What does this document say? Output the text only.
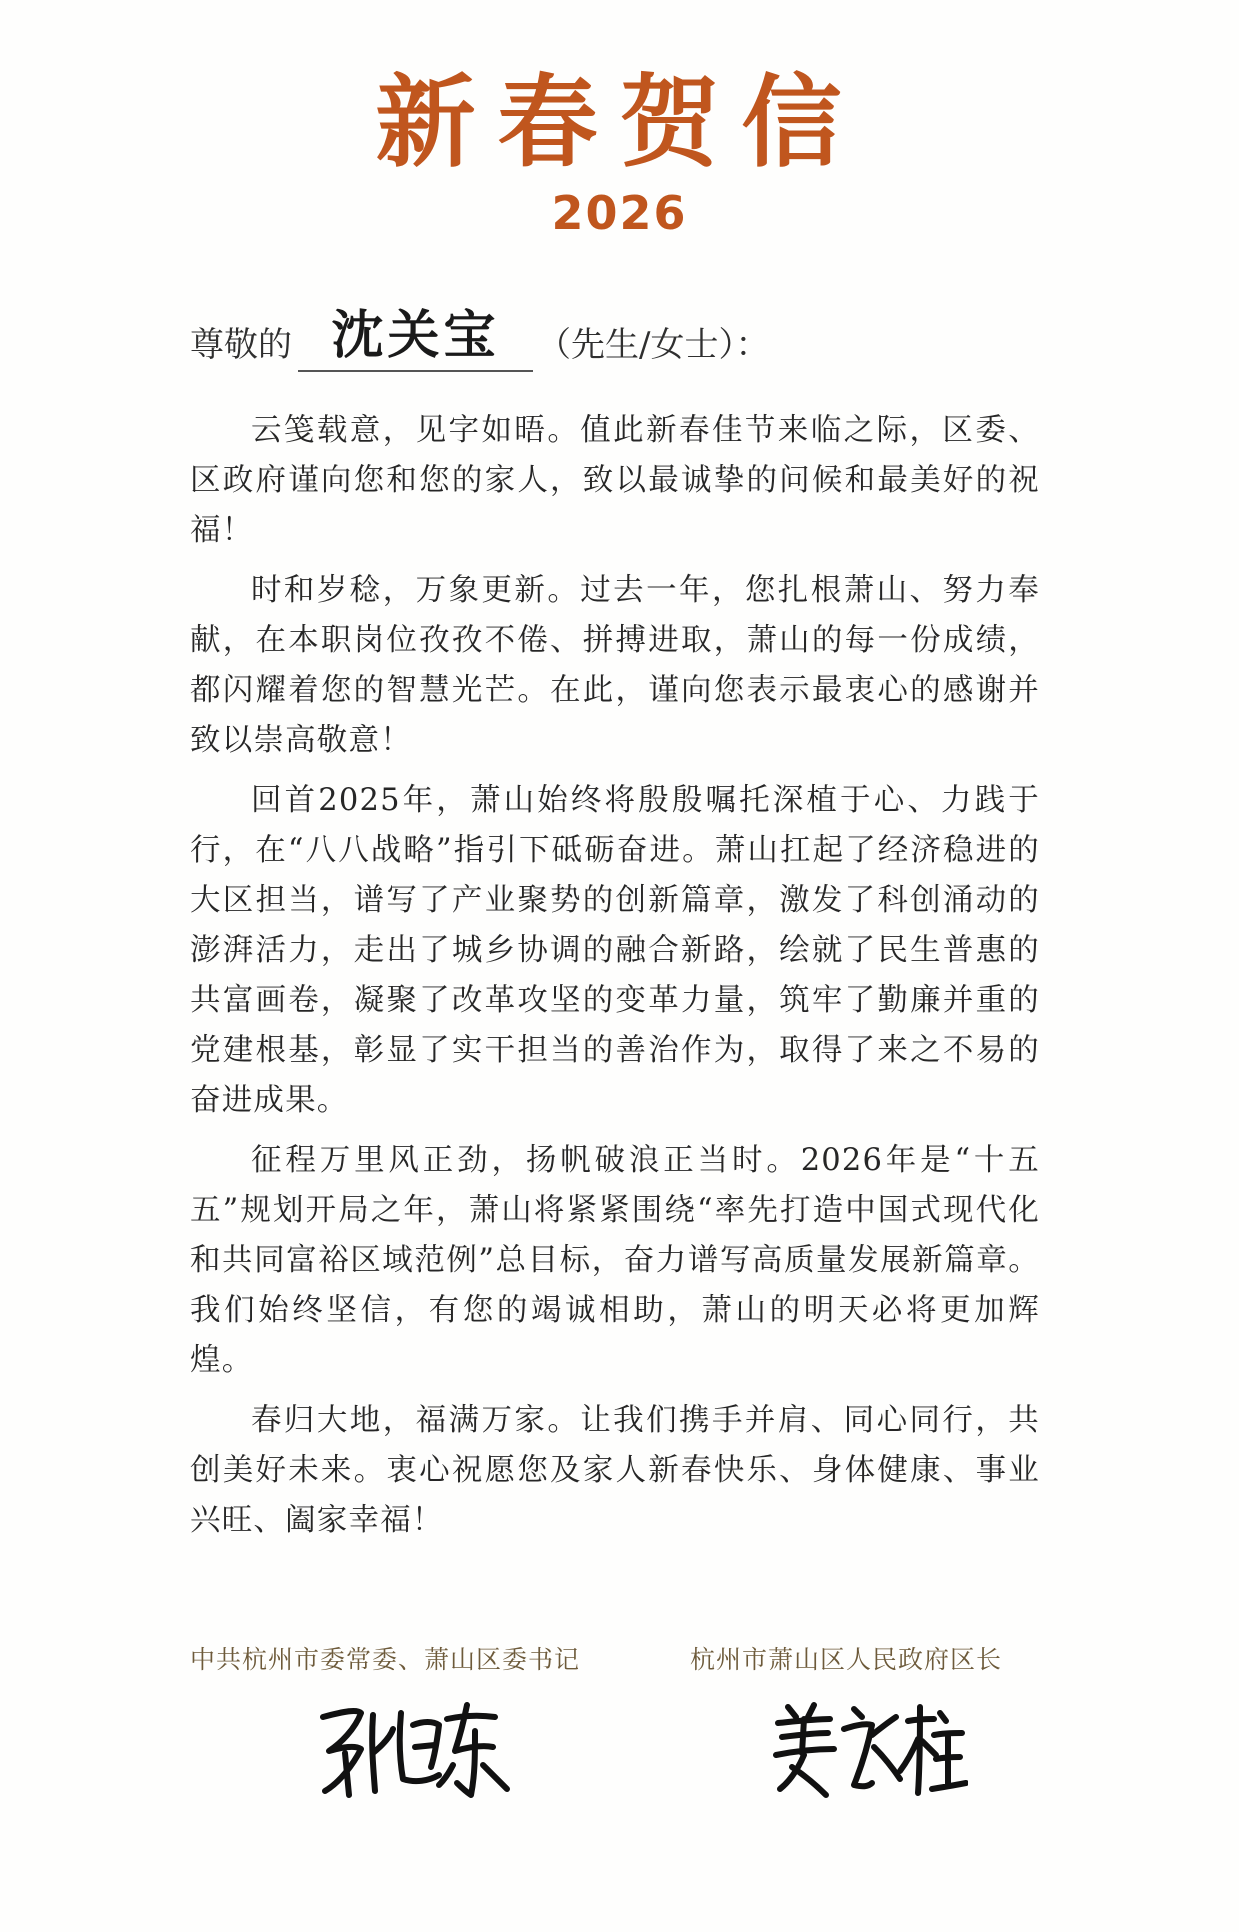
新春贺信
2026
尊敬的 沈关宝	（先生/女士）：

云笺载意，见字如晤。值此新春佳节来临之际，区委、区政府谨向您和您的家人，致以最诚挚的问候和最美好的祝福！

时和岁稔，万象更新。过去一年，您扎根萧山、努力奉献，在本职岗位孜孜不倦、拼搏进取，萧山的每一份成绩，都闪耀着您的智慧光芒。在此，谨向您表示最衷心的感谢并致以崇高敬意！

回首2025年，萧山始终将殷殷嘱托深植于心、力践于行，在“八八战略”指引下砥砺奋进。萧山扛起了经济稳进的大区担当，谱写了产业聚势的创新篇章，激发了科创涌动的澎湃活力，走出了城乡协调的融合新路，绘就了民生普惠的共富画卷，凝聚了改革攻坚的变革力量，筑牢了勤廉并重的党建根基，彰显了实干担当的善治作为，取得了来之不易的奋进成果。

征程万里风正劲，扬帆破浪正当时。2026年是“十五五”规划开局之年，萧山将紧紧围绕“率先打造中国式现代化和共同富裕区域范例”总目标，奋力谱写高质量发展新篇章。我们始终坚信，有您的竭诚相助，萧山的明天必将更加辉煌。

春归大地，福满万家。让我们携手并肩、同心同行，共创美好未来。衷心祝愿您及家人新春快乐、身体健康、事业兴旺、阖家幸福！

中共杭州市委常委、萧山区委书记	杭州市萧山区人民政府区长
